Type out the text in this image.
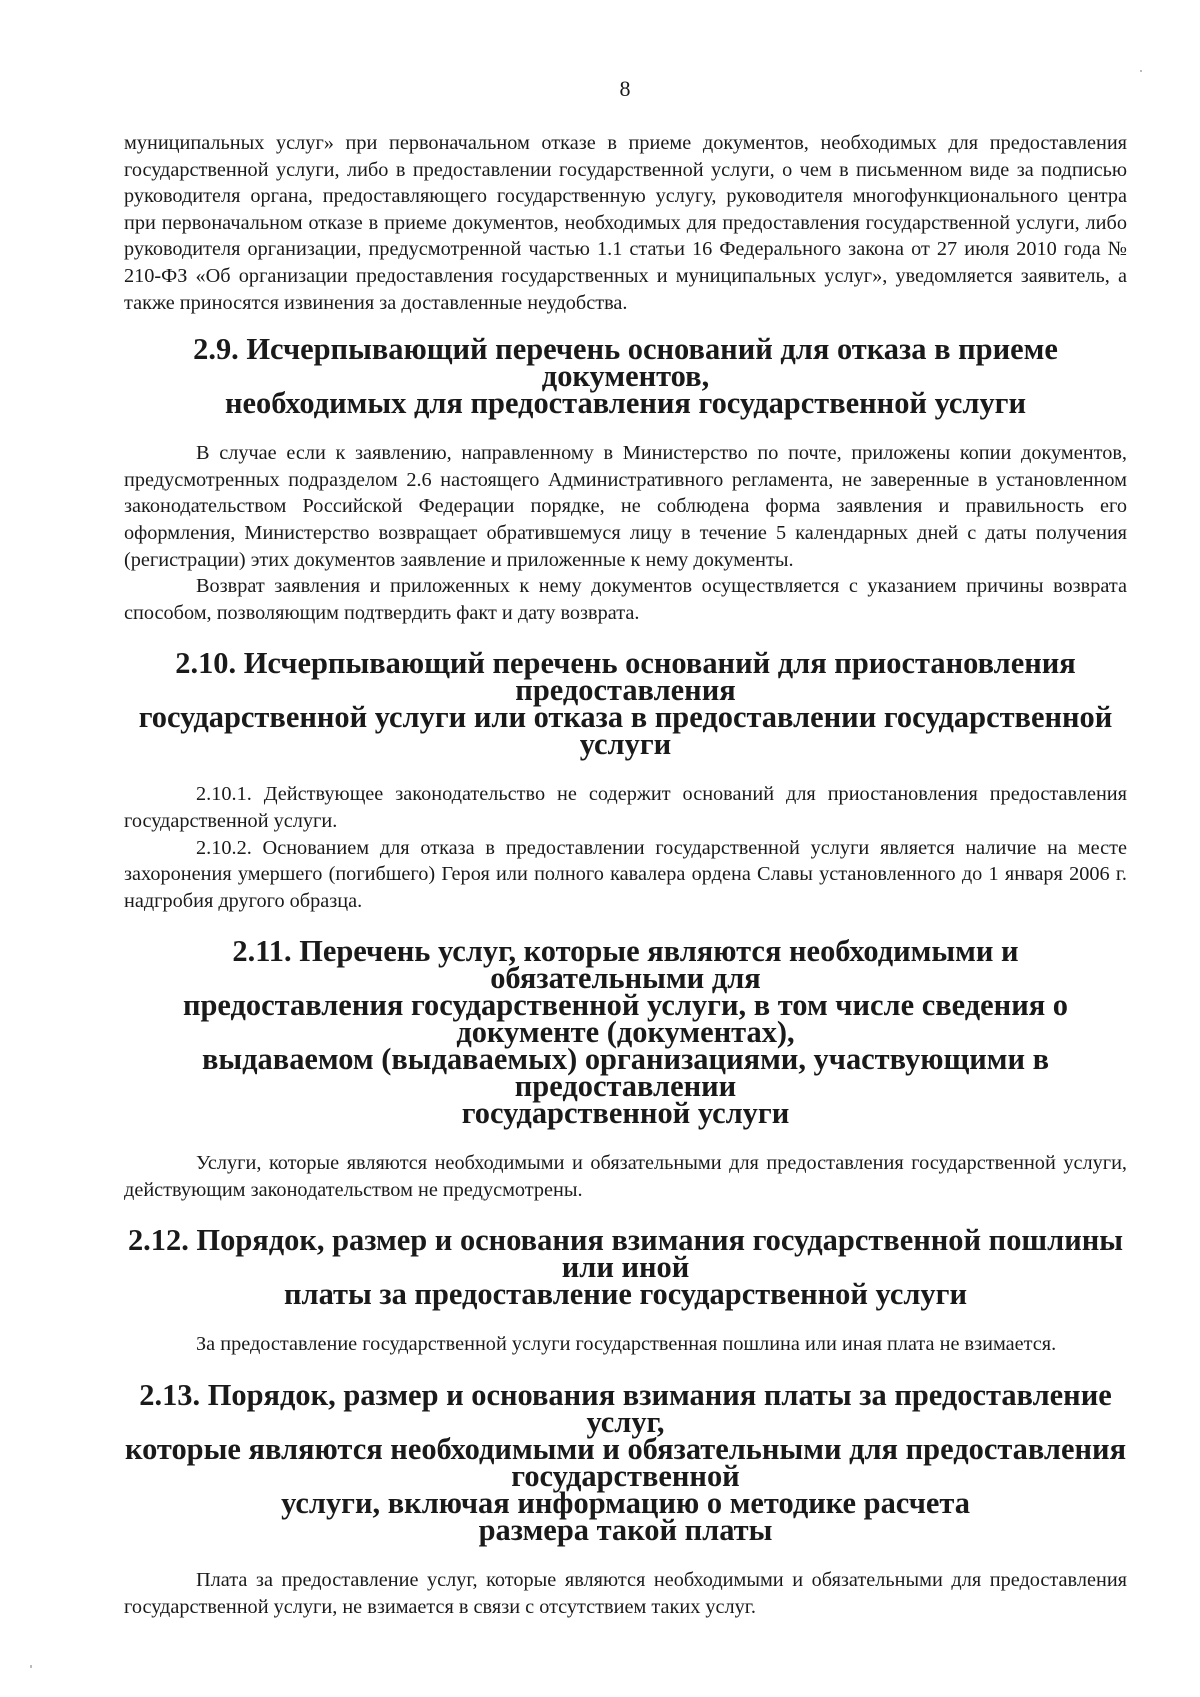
8

муниципальных услуг» при первоначальном отказе в приеме документов, необходимых для предоставления государственной услуги, либо в предоставлении государственной услуги, о чем в письменном виде за подписью руководителя органа, предоставляющего государственную услугу, руководителя многофункционального центра при первоначальном отказе в приеме документов, необходимых для предоставления государственной услуги, либо руководителя организации, предусмотренной частью 1.1 статьи 16 Федерального закона от 27 июля 2010 года № 210-ФЗ «Об организации предоставления государственных и муниципальных услуг», уведомляется заявитель, а также приносятся извинения за доставленные неудобства.

2.9. Исчерпывающий перечень оснований для отказа в приеме документов,
необходимых для предоставления государственной услуги

В случае если к заявлению, направленному в Министерство по почте, приложены копии документов, предусмотренных подразделом 2.6 настоящего Административного регламента, не заверенные в установленном законодательством Российской Федерации порядке, не соблюдена форма заявления и правильность его оформления, Министерство возвращает обратившемуся лицу в течение 5 календарных дней с даты получения (регистрации) этих документов заявление и приложенные к нему документы.

Возврат заявления и приложенных к нему документов осуществляется с указанием причины возврата способом, позволяющим подтвердить факт и дату возврата.

2.10. Исчерпывающий перечень оснований для приостановления предоставления
государственной услуги или отказа в предоставлении государственной услуги

2.10.1. Действующее законодательство не содержит оснований для приостановления предоставления государственной услуги.

2.10.2. Основанием для отказа в предоставлении государственной услуги является наличие на месте захоронения умершего (погибшего) Героя или полного кавалера ордена Славы установленного до 1 января 2006 г. надгробия другого образца.

2.11. Перечень услуг, которые являются необходимыми и обязательными для
предоставления государственной услуги, в том числе сведения о документе (документах),
выдаваемом (выдаваемых) организациями, участвующими в предоставлении
государственной услуги

Услуги, которые являются необходимыми и обязательными для предоставления государственной услуги, действующим законодательством не предусмотрены.

2.12. Порядок, размер и основания взимания государственной пошлины или иной
платы за предоставление государственной услуги

За предоставление государственной услуги государственная пошлина или иная плата не взимается.

2.13. Порядок, размер и основания взимания платы за предоставление услуг,
которые являются необходимыми и обязательными для предоставления государственной
услуги, включая информацию о методике расчета
размера такой платы

Плата за предоставление услуг, которые являются необходимыми и обязательными для предоставления государственной услуги, не взимается в связи с отсутствием таких услуг.
